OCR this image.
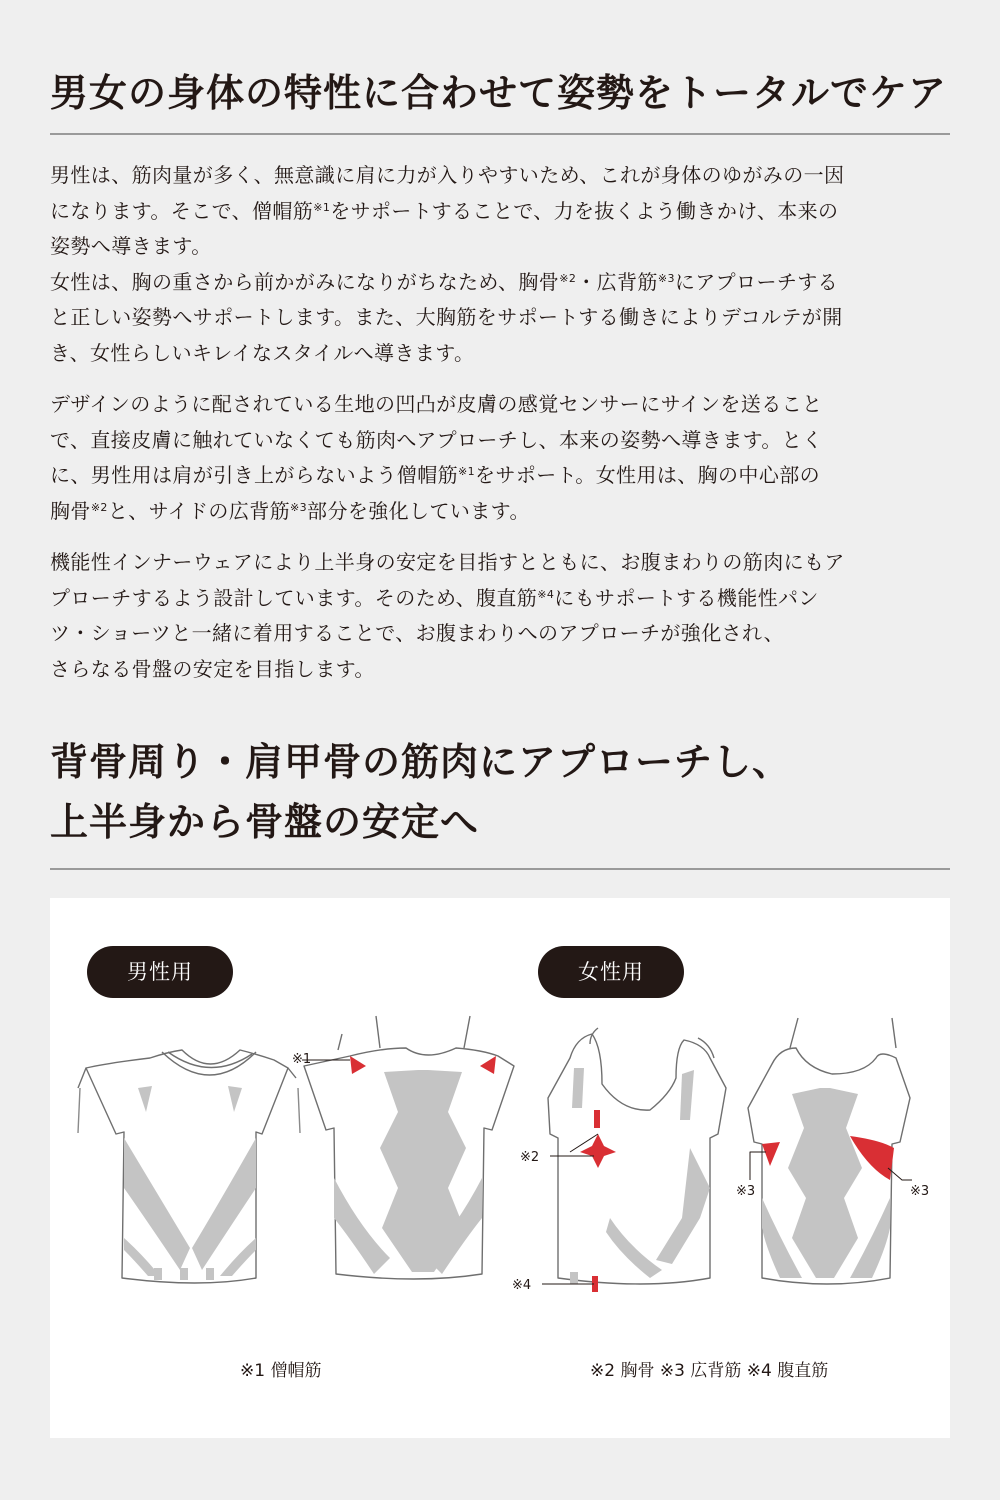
男女の身体の特性に合わせて姿勢をトータルでケア

男性は、筋肉量が多く、無意識に肩に力が入りやすいため、これが身体のゆがみの一因
になります。そこで、僧帽筋$^{※1}$をサポートすることで、力を抜くよう働きかけ、本来の
姿勢へ導きます。
女性は、胸の重さから前かがみになりがちなため、胸骨$^{※2}$・広背筋$^{※3}$にアプローチする
と正しい姿勢へサポートします。また、大胸筋をサポートする働きによりデコルテが開
き、女性らしいキレイなスタイルへ導きます。

デザインのように配されている生地の凹凸が皮膚の感覚センサーにサインを送ること
で、直接皮膚に触れていなくても筋肉へアプローチし、本来の姿勢へ導きます。とく
に、男性用は肩が引き上がらないよう僧帽筋$^{※1}$をサポート。女性用は、胸の中心部の
胸骨$^{※2}$と、サイドの広背筋$^{※3}$部分を強化しています。

機能性インナーウェアにより上半身の安定を目指すとともに、お腹まわりの筋肉にもア
プローチするよう設計しています。そのため、腹直筋$^{※4}$にもサポートする機能性パン
ツ・ショーツと一緒に着用することで、お腹まわりへのアプローチが強化され、
さらなる骨盤の安定を目指します。

背骨周り・肩甲骨の筋肉にアプローチし、
上半身から骨盤の安定へ
男性用	女性用
※1
※2
※4
※3	※3
※1 僧帽筋	※2 胸骨 ※3 広背筋 ※4 腹直筋
